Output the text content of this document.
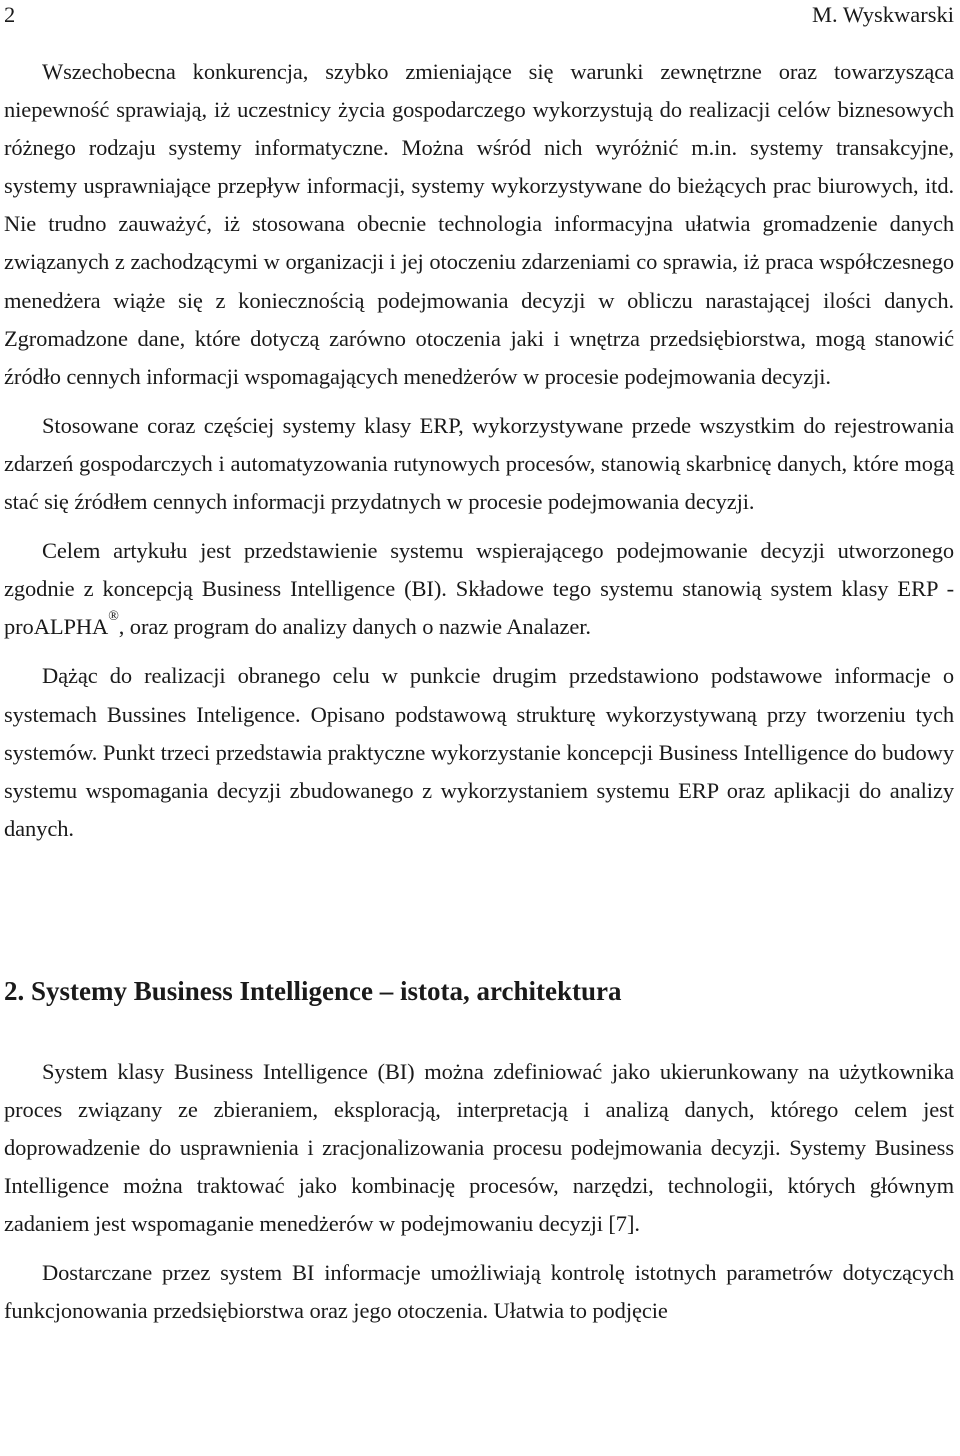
2	M. Wyskwarski

Wszechobecna konkurencja, szybko zmieniające się warunki zewnętrzne oraz towarzysząca niepewność sprawiają, iż uczestnicy życia gospodarczego wykorzystują do realizacji celów biznesowych różnego rodzaju systemy informatyczne. Można wśród nich wyróżnić m.in. systemy transakcyjne, systemy usprawniające przepływ informacji, systemy wykorzystywane do bieżących prac biurowych, itd. Nie trudno zauważyć, iż stosowana obecnie technologia informacyjna ułatwia gromadzenie danych związanych z zachodzącymi w organizacji i jej otoczeniu zdarzeniami co sprawia, iż praca współczesnego menedżera wiąże się z koniecznością podejmowania decyzji w obliczu narastającej ilości danych. Zgromadzone dane, które dotyczą zarówno otoczenia jaki i wnętrza przedsiębiorstwa, mogą stanowić źródło cennych informacji wspomagających menedżerów w procesie podejmowania decyzji.

Stosowane coraz częściej systemy klasy ERP, wykorzystywane przede wszystkim do rejestrowania zdarzeń gospodarczych i automatyzowania rutynowych procesów, stanowią skarbnicę danych, które mogą stać się źródłem cennych informacji przydatnych w procesie podejmowania decyzji.

Celem artykułu jest przedstawienie systemu wspierającego podejmowanie decyzji utworzonego zgodnie z koncepcją Business Intelligence (BI). Składowe tego systemu stanowią system klasy ERP - proALPHA®, oraz program do analizy danych o nazwie Analazer.

Dążąc do realizacji obranego celu w punkcie drugim przedstawiono podstawowe informacje o systemach Bussines Inteligence. Opisano podstawową strukturę wykorzystywaną przy tworzeniu tych systemów. Punkt trzeci przedstawia praktyczne wykorzystanie koncepcji Business Intelligence do budowy systemu wspomagania decyzji zbudowanego z wykorzystaniem systemu ERP oraz aplikacji do analizy danych.

2. Systemy Business Intelligence – istota, architektura

System klasy Business Intelligence (BI) można zdefiniować jako ukierunkowany na użytkownika proces związany ze zbieraniem, eksploracją, interpretacją i analizą danych, którego celem jest doprowadzenie do usprawnienia i zracjonalizowania procesu podejmowania decyzji. Systemy Business Intelligence można traktować jako kombinację procesów, narzędzi, technologii, których głównym zadaniem jest wspomaganie menedżerów w podejmowaniu decyzji [7].

Dostarczane przez system BI informacje umożliwiają kontrolę istotnych parametrów dotyczących funkcjonowania przedsiębiorstwa oraz jego otoczenia. Ułatwia to podjęcie
